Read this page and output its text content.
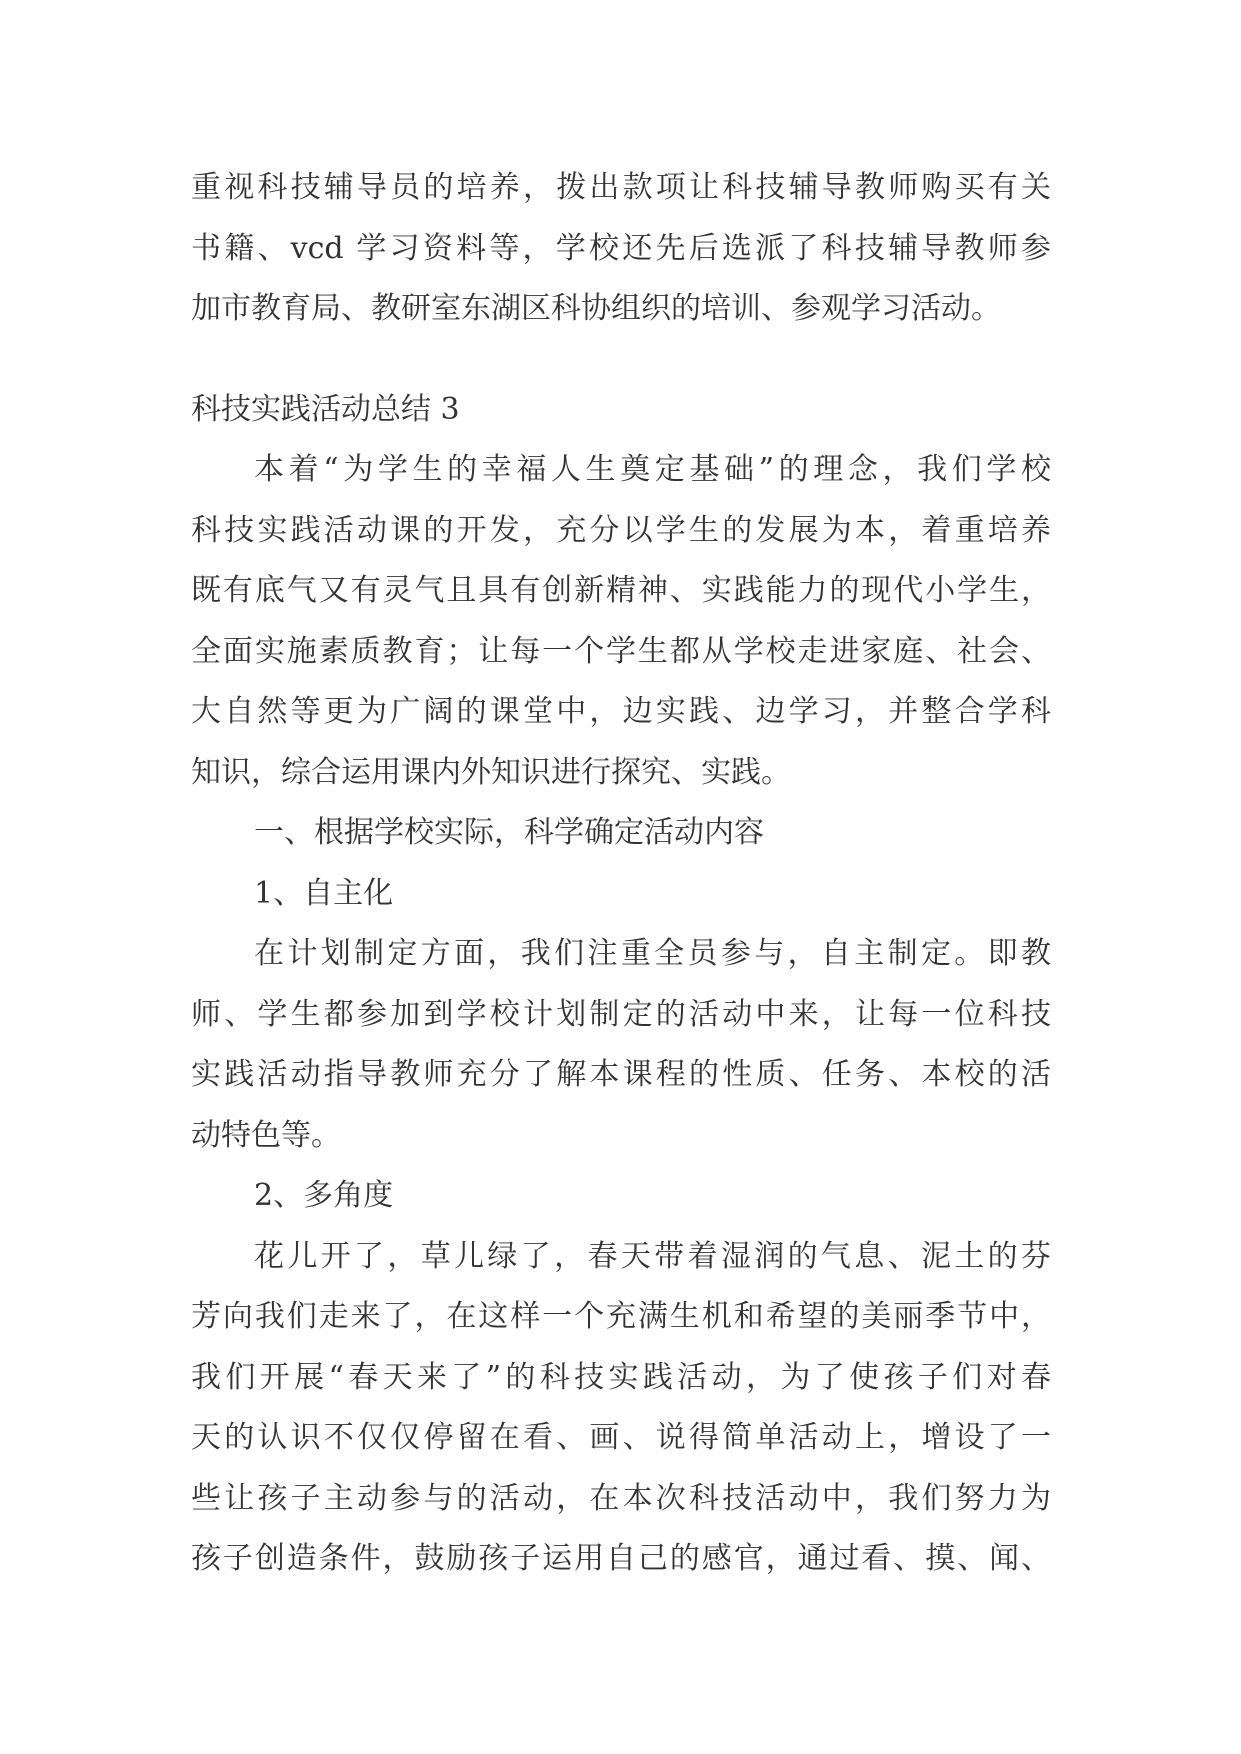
重视科技辅导员的培养，拨出款项让科技辅导教师购买有关
书籍、vcd 学习资料等，学校还先后选派了科技辅导教师参
加市教育局、教研室东湖区科协组织的培训、参观学习活动。
科技实践活动总结 3
本着“为学生的幸福人生奠定基础”的理念，我们学校
科技实践活动课的开发，充分以学生的发展为本，着重培养
既有底气又有灵气且具有创新精神、实践能力的现代小学生，
全面实施素质教育；让每一个学生都从学校走进家庭、社会、
大自然等更为广阔的课堂中，边实践、边学习，并整合学科
知识，综合运用课内外知识进行探究、实践。
一、根据学校实际，科学确定活动内容
1、自主化
在计划制定方面，我们注重全员参与，自主制定。即教
师、学生都参加到学校计划制定的活动中来，让每一位科技
实践活动指导教师充分了解本课程的性质、任务、本校的活
动特色等。
2、多角度
花儿开了，草儿绿了，春天带着湿润的气息、泥土的芬
芳向我们走来了，在这样一个充满生机和希望的美丽季节中，
我们开展“春天来了”的科技实践活动，为了使孩子们对春
天的认识不仅仅停留在看、画、说得简单活动上，增设了一
些让孩子主动参与的活动，在本次科技活动中，我们努力为
孩子创造条件，鼓励孩子运用自己的感官，通过看、摸、闻、
